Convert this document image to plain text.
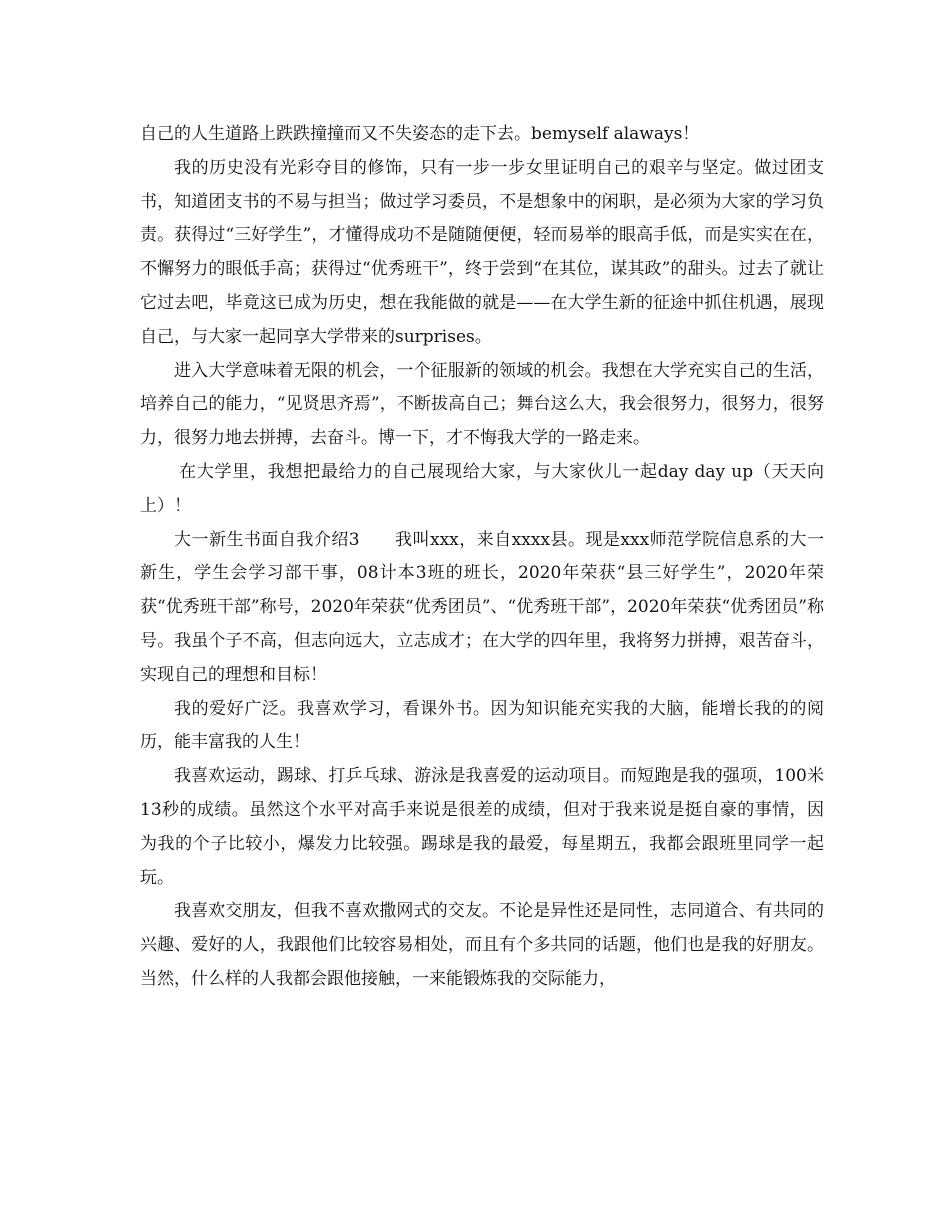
自己的人生道路上跌跌撞撞而又不失姿态的走下去。bemyself alaways！

我的历史没有光彩夺目的修饰，只有一步一步女里证明自己的艰辛与坚定。做过团支书，知道团支书的不易与担当；做过学习委员，不是想象中的闲职，是必须为大家的学习负责。获得过“三好学生”，才懂得成功不是随随便便，轻而易举的眼高手低，而是实实在在，不懈努力的眼低手高；获得过“优秀班干”，终于尝到“在其位，谋其政”的甜头。过去了就让它过去吧，毕竟这已成为历史，想在我能做的就是——在大学生新的征途中抓住机遇，展现自己，与大家一起同享大学带来的surprises。

进入大学意味着无限的机会，一个征服新的领域的机会。我想在大学充实自己的生活，培养自己的能力，“见贤思齐焉”，不断拔高自己；舞台这么大，我会很努力，很努力，很努力，很努力地去拼搏，去奋斗。博一下，才不悔我大学的一路走来。

在大学里，我想把最给力的自己展现给大家，与大家伙儿一起day day up（天天向上）！

大一新生书面自我介绍3　　我叫xxx，来自xxxx县。现是xxx师范学院信息系的大一新生，学生会学习部干事，08计本3班的班长，2020年荣获“县三好学生”，2020年荣获“优秀班干部”称号，2020年荣获“优秀团员”、“优秀班干部”，2020年荣获“优秀团员”称号。我虽个子不高，但志向远大，立志成才；在大学的四年里，我将努力拼搏，艰苦奋斗，实现自己的理想和目标！

我的爱好广泛。我喜欢学习，看课外书。因为知识能充实我的大脑，能增长我的的阅历，能丰富我的人生！

我喜欢运动，踢球、打乒乓球、游泳是我喜爱的运动项目。而短跑是我的强项，100米13秒的成绩。虽然这个水平对高手来说是很差的成绩，但对于我来说是挺自豪的事情，因为我的个子比较小，爆发力比较强。踢球是我的最爱，每星期五，我都会跟班里同学一起玩。

我喜欢交朋友，但我不喜欢撒网式的交友。不论是异性还是同性，志同道合、有共同的兴趣、爱好的人，我跟他们比较容易相处，而且有个多共同的话题，他们也是我的好朋友。当然，什么样的人我都会跟他接触，一来能锻炼我的交际能力，
